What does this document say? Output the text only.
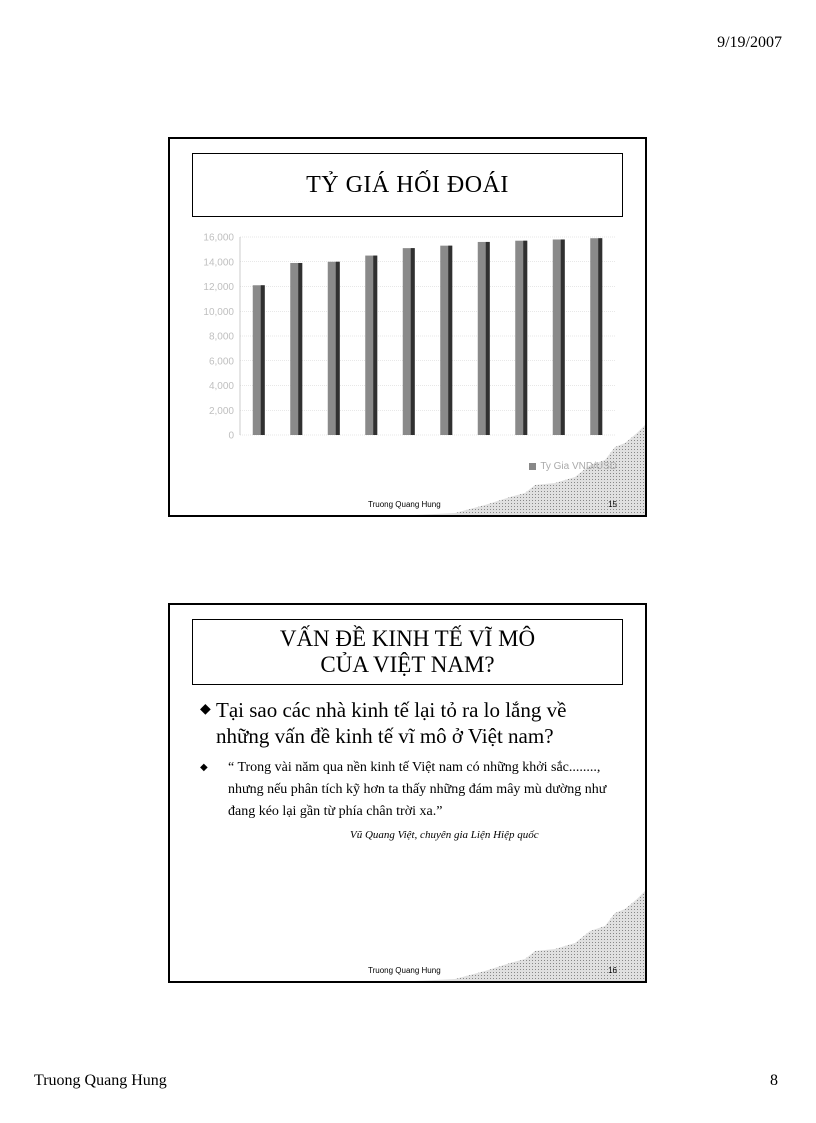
9/19/2007
TỶ GIÁ HỐI ĐOÁI
0
2,000
4,000
6,000
8,000
10,000
12,000
14,000
16,000
Ty Gia VND/USD
Truong Quang Hung	15
VẤN ĐỀ KINH TẾ VĨ MÔ
CỦA VIỆT NAM?
◆ Tại sao các nhà kinh tế lại tỏ ra lo lắng về những vấn đề kinh tế vĩ mô ở Việt nam?
◆	“ Trong vài năm qua nền kinh tế Việt nam có những khởi sắc........, nhưng nếu phân tích kỹ hơn ta thấy những đám mây mù dường như đang kéo lại gần từ phía chân trời xa.”
Vũ Quang Việt, chuyên gia Liện Hiệp quốc
Truong Quang Hung	16
Truong Quang Hung	8
